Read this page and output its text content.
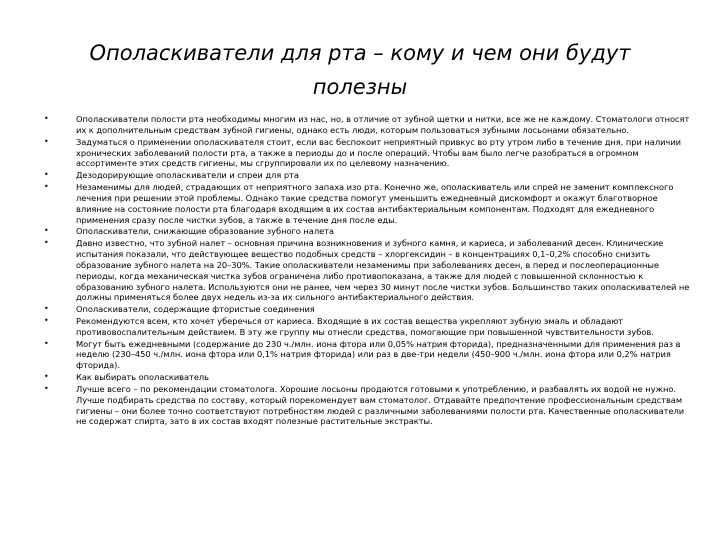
Ополаскиватели для рта – кому и чем они будут полезны
•	Ополаскиватели полости рта необходимы многим из нас, но, в отличие от зубной щетки и нитки, все же не каждому. Стоматологи относят их к дополнительным средствам зубной гигиены, однако есть люди, которым пользоваться зубными лосьонами обязательно.
•	Задуматься о применении ополаскивателя стоит, если вас беспокоит неприятный привкус во рту утром либо в течение дня, при наличии хронических заболеваний полости рта, а также в периоды до и после операций. Чтобы вам было легче разобраться в огромном ассортименте этих средств гигиены, мы сгруппировали их по целевому назначению.
•	Дезодорирующие ополаскиватели и спреи для рта
•	Незаменимы для людей, страдающих от неприятного запаха изо рта. Конечно же, ополаскиватель или спрей не заменит комплексного лечения при решении этой проблемы. Однако такие средства помогут уменьшить ежедневный дискомфорт и окажут благотворное влияние на состояние полости рта благодаря входящим в их состав антибактериальным компонентам. Подходят для ежедневного применения сразу после чистки зубов, а также в течение дня после еды.
•	Ополаскиватели, снижающие образование зубного налета
•	Давно известно, что зубной налет – основная причина возникновения и зубного камня, и кариеса, и заболеваний десен. Клинические испытания показали, что действующее вещество подобных средств – хлоргексидин – в концентрациях 0,1–0,2% способно снизить образование зубного налета на 20–30%. Такие ополаскиватели незаменимы при заболеваниях десен, в перед и послеоперационные периоды, когда механическая чистка зубов ограничена либо противопоказана, а также для людей с повышенной склонностью к образованию зубного налета. Используются они не ранее, чем через 30 минут после чистки зубов. Большинство таких ополаскивателей не должны применяться более двух недель из-за их сильного антибактериального действия.
•	Ополаскиватели, содержащие фтористые соединения
•	Рекомендуются всем, кто хочет уберечься от кариеса. Входящие в их состав вещества укрепляют зубную эмаль и обладают противовоспалительным действием. В эту же группу мы отнесли средства, помогающие при повышенной чувствительности зубов.
•	Могут быть ежедневными (содержание до 230 ч./млн. иона фтора или 0,05% натрия фторида), предназначенными для применения раз в неделю (230–450 ч./млн. иона фтора или 0,1% натрия фторида) или раз в две-три недели (450–900 ч./млн. иона фтора или 0,2% натрия фторида).
•	Как выбирать ополаскиватель
•	Лучше всего – по рекомендации стоматолога. Хорошие лосьоны продаются готовыми к употреблению, и разбавлять их водой не нужно. Лучше подбирать средства по составу, который порекомендует вам стоматолог. Отдавайте предпочтение профессиональным средствам гигиены – они более точно соответствуют потребностям людей с различными заболеваниями полости рта. Качественные ополаскиватели не содержат спирта, зато в их состав входят полезные растительные экстракты.
